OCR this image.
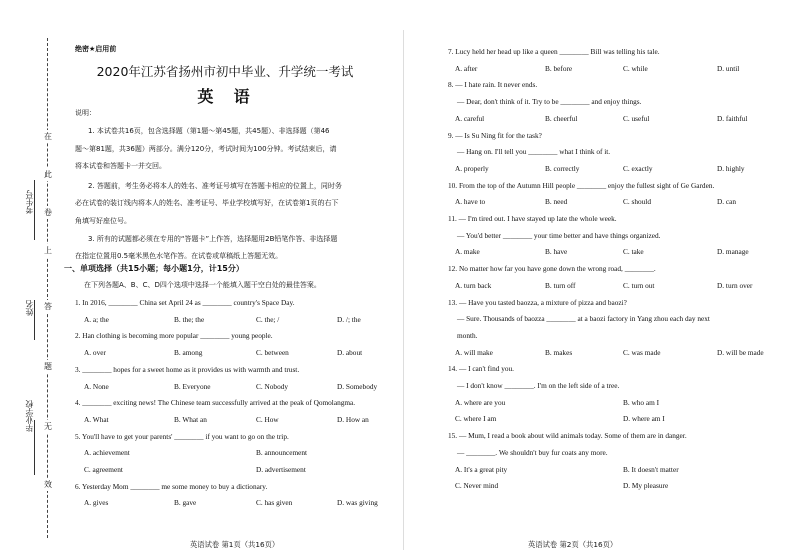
在
此
卷
上
答
题
无
效
考生号
姓名
毕业学校
绝密★启用前
2020年江苏省扬州市初中毕业、升学统一考试
英  语
说明：
1. 本试卷共16页，包含选择题（第1题～第45题，共45题）、非选择题（第46
题～第81题，共36题）两部分。满分120分，考试时间为100分钟。考试结束后，请
将本试卷和答题卡一并交回。
2. 答题前，考生务必将本人的姓名、准考证号填写在答题卡相应的位置上，同时务
必在试卷的装订线内将本人的姓名、准考证号、毕业学校填写好，在试卷第1页的右下
角填写好座位号。
3. 所有的试题都必须在专用的“答题卡”上作答，选择题用2B铅笔作答、非选择题
在指定位置用0.5毫米黑色水笔作答。在试卷或草稿纸上答题无效。
一、单项选择（共15小题；每小题1分，计15分）
在下列各题A、B、C、D四个选项中选择一个能填入题干空白处的最佳答案。
1. In 2016, ________ China set April 24 as ________ country's Space Day.
A. a; the	B. the; the	C. the; /	D. /; the
2. Han clothing is becoming more popular ________ young people.
A. over	B. among	C. between	D. about
3. ________ hopes for a sweet home as it provides us with warmth and trust.
A. None	B. Everyone	C. Nobody	D. Somebody
4. ________ exciting news! The Chinese team successfully arrived at the peak of Qomolangma.
A. What	B. What an	C. How	D. How an
5. You'll have to get your parents' ________ if you want to go on the trip.
A. achievement	B. announcement
C. agreement	D. advertisement
6. Yesterday Mom ________ me some money to buy a dictionary.
A. gives	B. gave	C. has given	D. was giving
英语试卷 第1页（共16页）
7. Lucy held her head up like a queen ________ Bill was telling his tale.
A. after	B. before	C. while	D. until
8. — I hate rain. It never ends.
— Dear, don't think of it. Try to be ________ and enjoy things.
A. careful	B. cheerful	C. useful	D. faithful
9. — Is Su Ning fit for the task?
— Hang on. I'll tell you ________ what I think of it.
A. properly	B. correctly	C. exactly	D. highly
10. From the top of the Autumn Hill people ________ enjoy the fullest sight of Ge Garden.
A. have to	B. need	C. should	D. can
11. — I'm tired out. I have stayed up late the whole week.
— You'd better ________ your time better and have things organized.
A. make	B. have	C. take	D. manage
12. No matter how far you have gone down the wrong road, ________.
A. turn back	B. turn off	C. turn out	D. turn over
13. — Have you tasted baozza, a mixture of pizza and baozi?
— Sure. Thousands of baozza ________ at a baozi factory in Yang zhou each day next
month.
A. will make	B. makes	C. was made	D. will be made
14. — I can't find you.
— I don't know ________. I'm on the left side of a tree.
A. where are you	B. who am I
C. where I am	D. where am I
15. — Mum, I read a book about wild animals today. Some of them are in danger.
— ________. We shouldn't buy fur coats any more.
A. It's a great pity	B. It doesn't matter
C. Never mind	D. My pleasure
英语试卷 第2页（共16页）
